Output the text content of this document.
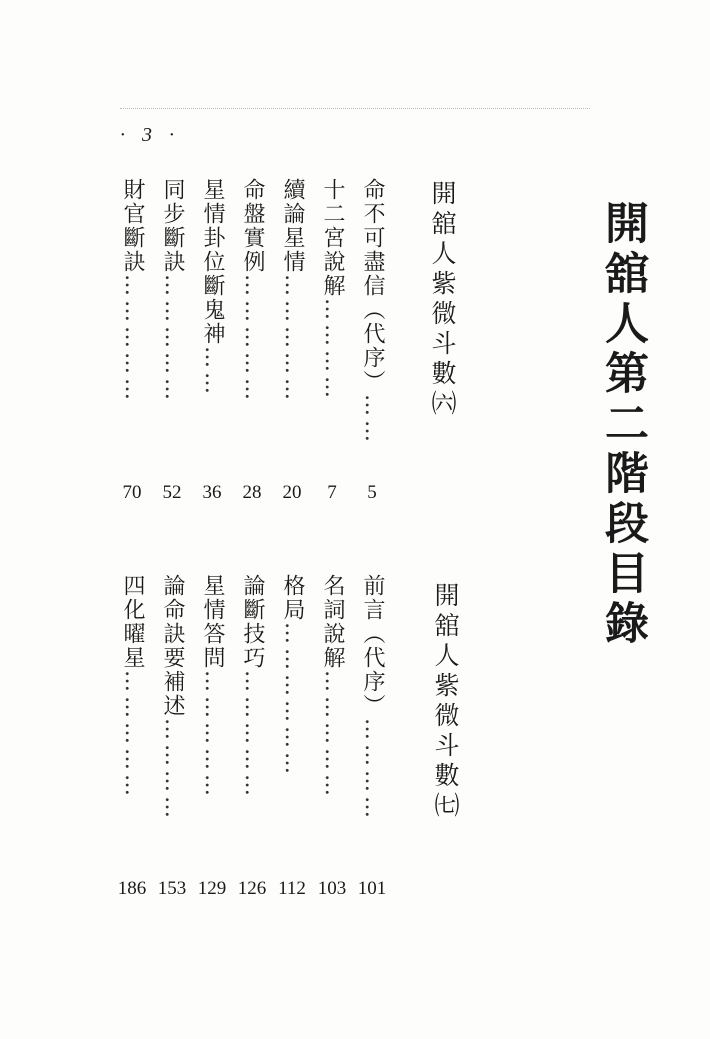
· 3 ·
開舘人第二階段目錄
開舘人紫微斗數㈥
開舘人紫微斗數㈦
命不可盡信（代序）……
5
十二宮說解…………
7
續論星情……………
20
命盤實例……………
28
星情卦位斷鬼神……
36
同步斷訣……………
52
財官斷訣……………
70
前言（代序）…………
101
名詞說解……………
103
格局………………
112
論斷技巧……………
126
星情答問……………
129
論命訣要補述…………
153
四化曜星……………
186
